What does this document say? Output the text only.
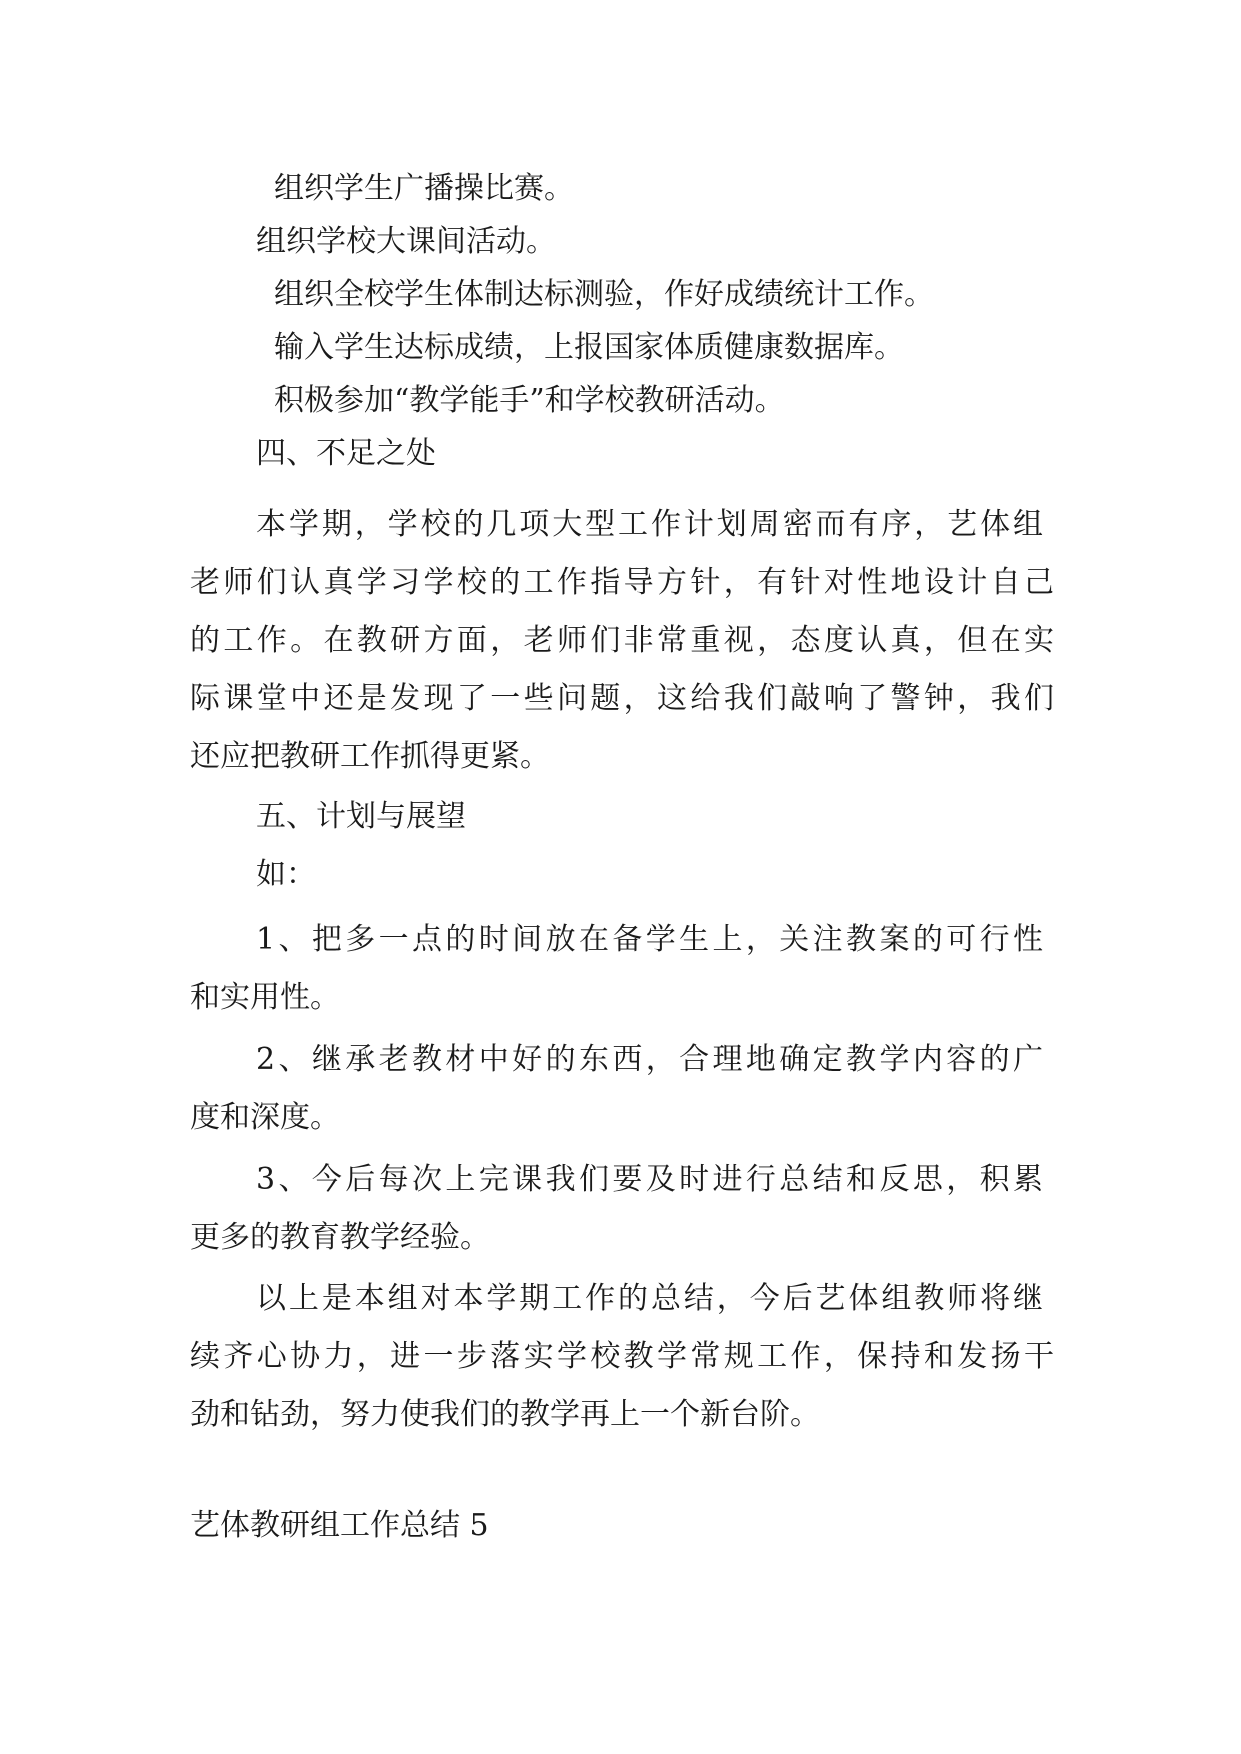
组织学生广播操比赛。
组织学校大课间活动。
组织全校学生体制达标测验，作好成绩统计工作。
输入学生达标成绩，上报国家体质健康数据库。
积极参加“教学能手”和学校教研活动。
四、不足之处
本学期，学校的几项大型工作计划周密而有序，艺体组
老师们认真学习学校的工作指导方针，有针对性地设计自己
的工作。在教研方面，老师们非常重视，态度认真，但在实
际课堂中还是发现了一些问题，这给我们敲响了警钟，我们
还应把教研工作抓得更紧。
五、计划与展望
如：
1、把多一点的时间放在备学生上，关注教案的可行性
和实用性。
2、继承老教材中好的东西，合理地确定教学内容的广
度和深度。
3、今后每次上完课我们要及时进行总结和反思，积累
更多的教育教学经验。
以上是本组对本学期工作的总结，今后艺体组教师将继
续齐心协力，进一步落实学校教学常规工作，保持和发扬干
劲和钻劲，努力使我们的教学再上一个新台阶。
艺体教研组工作总结 5
